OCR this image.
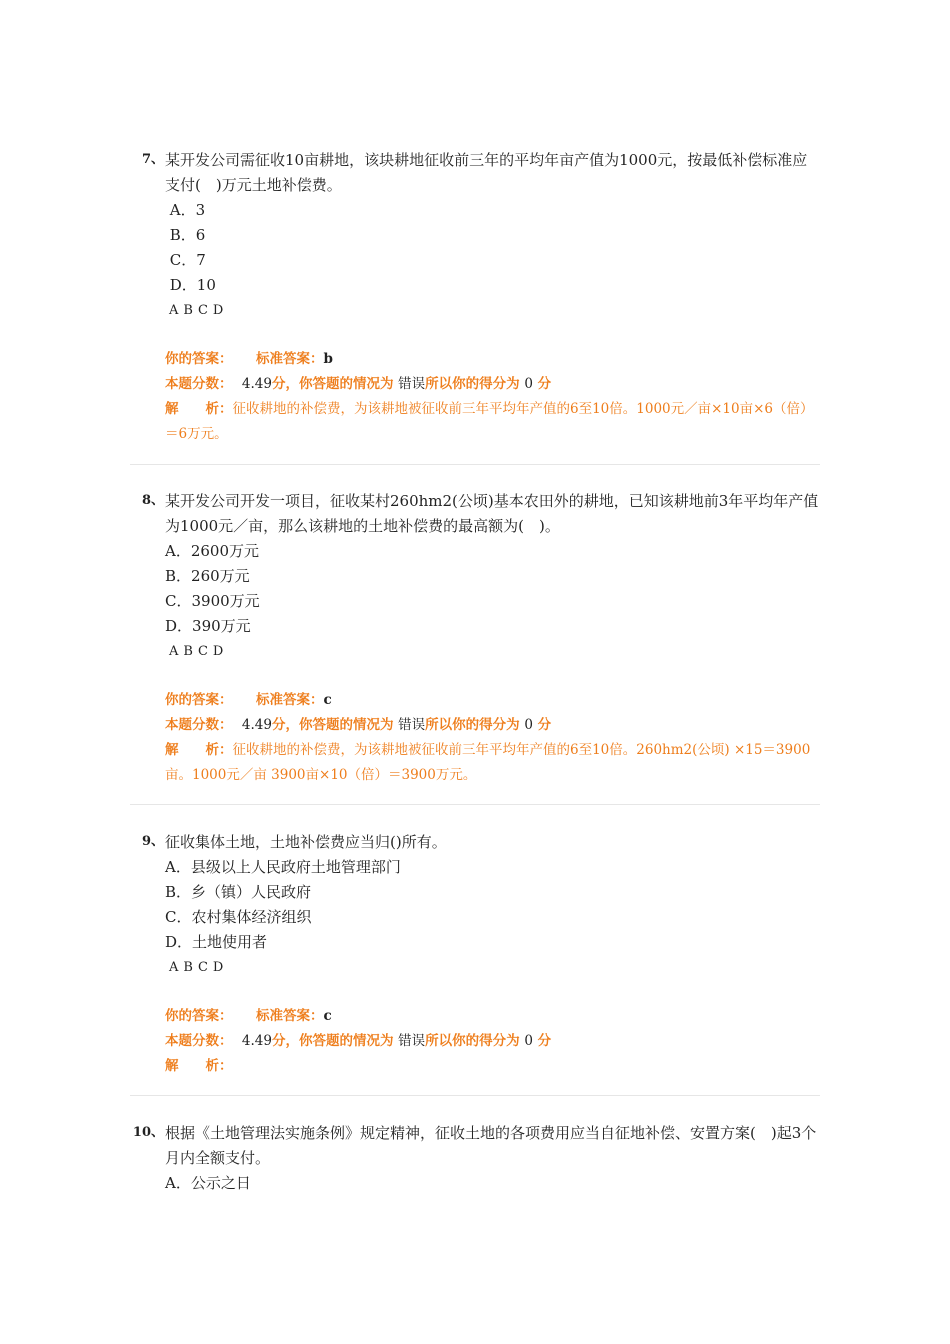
7、 某开发公司需征收10亩耕地，该块耕地征收前三年的平均年亩产值为1000元，按最低补偿标准应支付(　)万元土地补偿费。
A．3
B．6
C．7
D．10
A B C D
你的答案： 标准答案：b
本题分数： 4.49分，你答题的情况为 错误所以你的得分为 0 分
解　　析：征收耕地的补偿费，为该耕地被征收前三年平均年产值的6至10倍。1000元／亩×10亩×6（倍）＝6万元。
8、 某开发公司开发一项目，征收某村260hm2(公顷)基本农田外的耕地，已知该耕地前3年平均年产值为1000元／亩，那么该耕地的土地补偿费的最高额为(　)。
A．2600万元
B．260万元
C．3900万元
D．390万元
A B C D
你的答案： 标准答案：c
本题分数： 4.49分，你答题的情况为 错误所以你的得分为 0 分
解　　析：征收耕地的补偿费，为该耕地被征收前三年平均年产值的6至10倍。260hm2(公顷) ×15＝3900亩。1000元／亩 3900亩×10（倍）＝3900万元。
9、 征收集体土地，土地补偿费应当归()所有。
A．县级以上人民政府土地管理部门
B．乡（镇）人民政府
C．农村集体经济组织
D．土地使用者
A B C D
你的答案： 标准答案：c
本题分数： 4.49分，你答题的情况为 错误所以你的得分为 0 分
解　　析：
10、 根据《土地管理法实施条例》规定精神，征收土地的各项费用应当自征地补偿、安置方案(　)起3个月内全额支付。
A．公示之日
